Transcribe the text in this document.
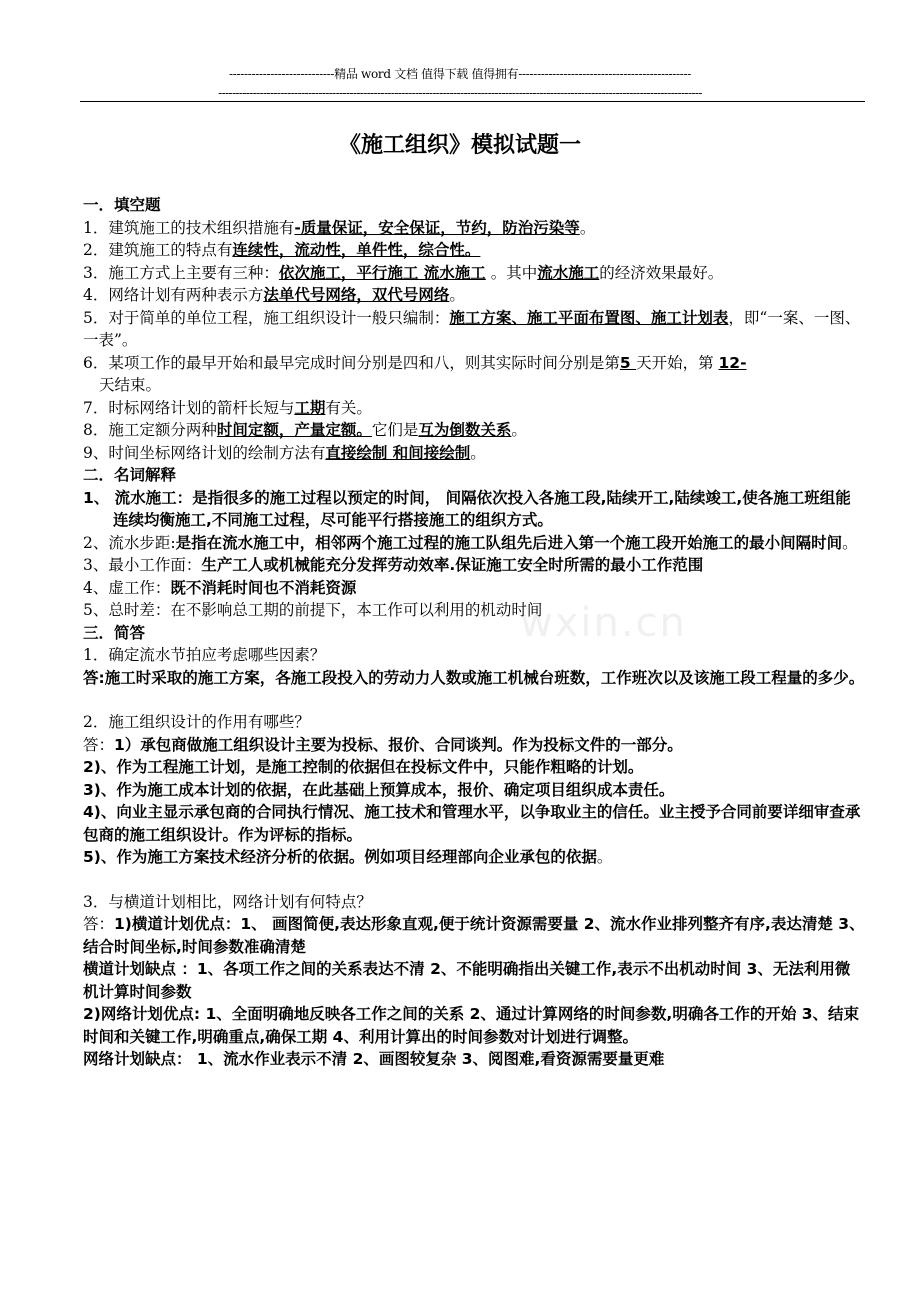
----------------------------精品 word 文档 值得下载 值得拥有----------------------------------------------
--------------------------------------------------------------------------------------------------------------------------------------------
《施工组织》模拟试题一
wxin.cn

一．填空题

1．建筑施工的技术组织措施有-质量保证，安全保证，节约，防治污染等。

2．建筑施工的特点有连续性，流动性，单件性，综合性。

3．施工方式上主要有三种：依次施工，平行施工 流水施工 。其中流水施工的经济效果最好。

4．网络计划有两种表示方法单代号网络，双代号网络。

5．对于简单的单位工程，施工组织设计一般只编制：施工方案、施工平面布置图、施工计划表，即“一案、一图、一表”。

6．某项工作的最早开始和最早完成时间分别是四和八，则其实际时间分别是第5 天开始，第 12-
天结束。

7．时标网络计划的箭杆长短与工期有关。

8．施工定额分两种时间定额，产量定额。它们是互为倒数关系。

9、时间坐标网络计划的绘制方法有直接绘制 和间接绘制。

二．名词解释

1、 流水施工：是指很多的施工过程以预定的时间， 间隔依次投入各施工段,陆续开工,陆续竣工,使各施工班组能连续均衡施工,不同施工过程，尽可能平行搭接施工的组织方式。

2、流水步距:是指在流水施工中，相邻两个施工过程的施工队组先后进入第一个施工段开始施工的最小间隔时间。

3、最小工作面：生产工人或机械能充分发挥劳动效率.保证施工安全时所需的最小工作范围

4、虚工作：既不消耗时间也不消耗资源

5、总时差：在不影响总工期的前提下，本工作可以利用的机动时间

三．简答

1．确定流水节拍应考虑哪些因素？

答:施工时采取的施工方案，各施工段投入的劳动力人数或施工机械台班数，工作班次以及该施工段工程量的多少。

2．施工组织设计的作用有哪些？

答：1）承包商做施工组织设计主要为投标、报价、合同谈判。作为投标文件的一部分。

2)、作为工程施工计划，是施工控制的依据但在投标文件中，只能作粗略的计划。

3)、作为施工成本计划的依据，在此基础上预算成本，报价、确定项目组织成本责任。

4)、向业主显示承包商的合同执行情况、施工技术和管理水平，以争取业主的信任。业主授予合同前要详细审查承包商的施工组织设计。作为评标的指标。

5)、作为施工方案技术经济分析的依据。例如项目经理部向企业承包的依据。

3．与横道计划相比，网络计划有何特点？

答：1)横道计划优点：1、 画图简便,表达形象直观,便于统计资源需要量 2、流水作业排列整齐有序,表达清楚 3、结合时间坐标,时间参数准确清楚

横道计划缺点 ：1、各项工作之间的关系表达不清 2、不能明确指出关键工作,表示不出机动时间 3、无法利用微机计算时间参数

2)网络计划优点: 1、全面明确地反映各工作之间的关系 2、通过计算网络的时间参数,明确各工作的开始 3、结束时间和关键工作,明确重点,确保工期 4、利用计算出的时间参数对计划进行调整。

网络计划缺点： 1、流水作业表示不清 2、画图较复杂 3、阅图难,看资源需要量更难
